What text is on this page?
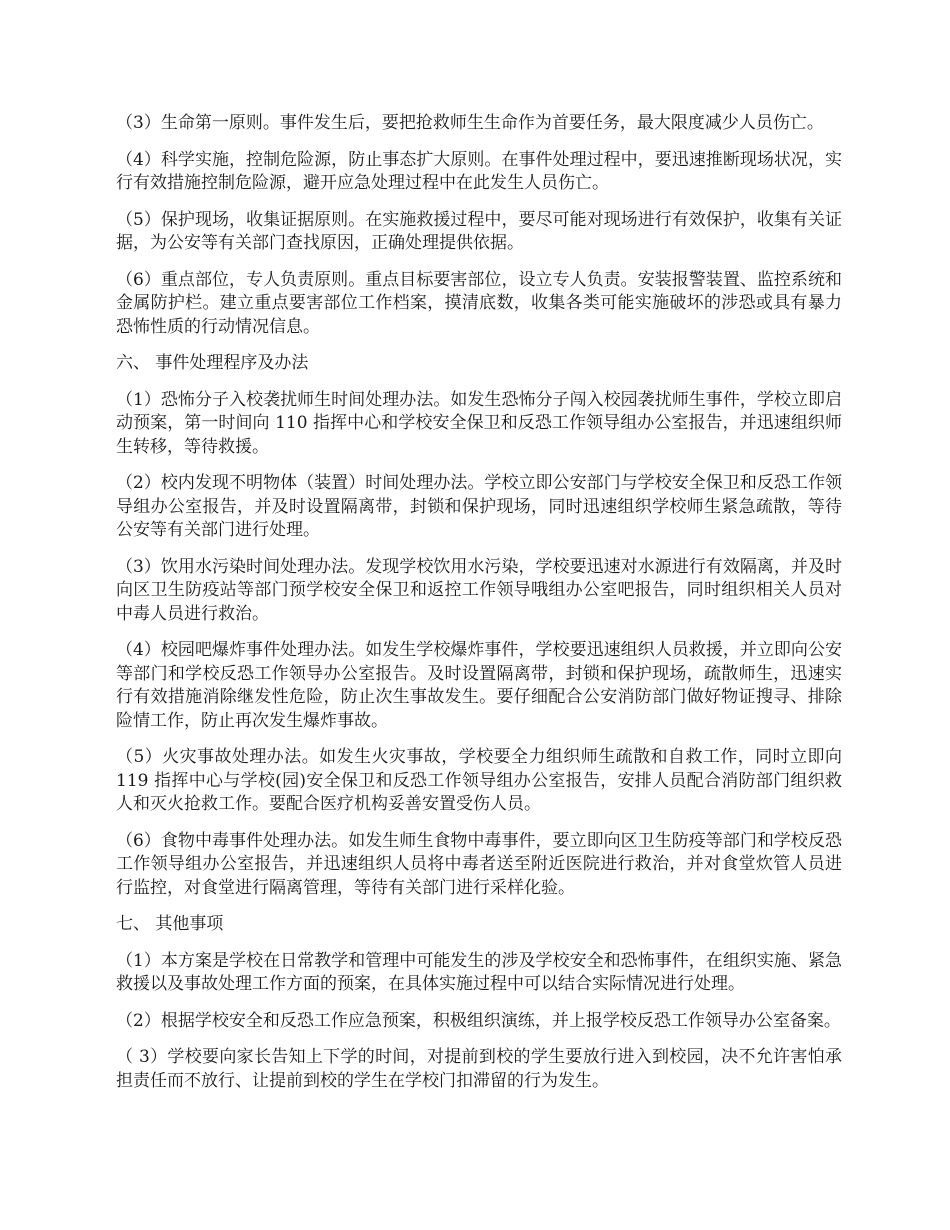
（3）生命第一原则。事件发生后，要把抢救师生生命作为首要任务，最大限度减少人员伤亡。

（4）科学实施，控制危险源，防止事态扩大原则。在事件处理过程中，要迅速推断现场状况，实行有效措施控制危险源，避开应急处理过程中在此发生人员伤亡。

（5）保护现场，收集证据原则。在实施救援过程中，要尽可能对现场进行有效保护，收集有关证据，为公安等有关部门查找原因，正确处理提供依据。

（6）重点部位，专人负责原则。重点目标要害部位，设立专人负责。安装报警装置、监控系统和金属防护栏。建立重点要害部位工作档案，摸清底数，收集各类可能实施破坏的涉恐或具有暴力恐怖性质的行动情况信息。

六、 事件处理程序及办法

（1）恐怖分子入校袭扰师生时间处理办法。如发生恐怖分子闯入校园袭扰师生事件，学校立即启动预案，第一时间向 110 指挥中心和学校安全保卫和反恐工作领导组办公室报告，并迅速组织师生转移，等待救援。

（2）校内发现不明物体（装置）时间处理办法。学校立即公安部门与学校安全保卫和反恐工作领导组办公室报告，并及时设置隔离带，封锁和保护现场，同时迅速组织学校师生紧急疏散，等待公安等有关部门进行处理。

（3）饮用水污染时间处理办法。发现学校饮用水污染，学校要迅速对水源进行有效隔离，并及时向区卫生防疫站等部门预学校安全保卫和返控工作领导哦组办公室吧报告，同时组织相关人员对中毒人员进行救治。

（4）校园吧爆炸事件处理办法。如发生学校爆炸事件，学校要迅速组织人员救援，并立即向公安等部门和学校反恐工作领导办公室报告。及时设置隔离带，封锁和保护现场，疏散师生，迅速实行有效措施消除继发性危险，防止次生事故发生。要仔细配合公安消防部门做好物证搜寻、排除险情工作，防止再次发生爆炸事故。

（5）火灾事故处理办法。如发生火灾事故，学校要全力组织师生疏散和自救工作，同时立即向 119 指挥中心与学校(园)安全保卫和反恐工作领导组办公室报告，安排人员配合消防部门组织救人和灭火抢救工作。要配合医疗机构妥善安置受伤人员。

（6）食物中毒事件处理办法。如发生师生食物中毒事件，要立即向区卫生防疫等部门和学校反恐工作领导组办公室报告，并迅速组织人员将中毒者送至附近医院进行救治，并对食堂炊管人员进行监控，对食堂进行隔离管理，等待有关部门进行采样化验。

七、 其他事项

（1）本方案是学校在日常教学和管理中可能发生的涉及学校安全和恐怖事件，在组织实施、紧急救援以及事故处理工作方面的预案，在具体实施过程中可以结合实际情况进行处理。

（2）根据学校安全和反恐工作应急预案，积极组织演练，并上报学校反恐工作领导办公室备案。

（ 3）学校要向家长告知上下学的时间，对提前到校的学生要放行进入到校园，决不允许害怕承担责任而不放行、让提前到校的学生在学校门扣滞留的行为发生。
